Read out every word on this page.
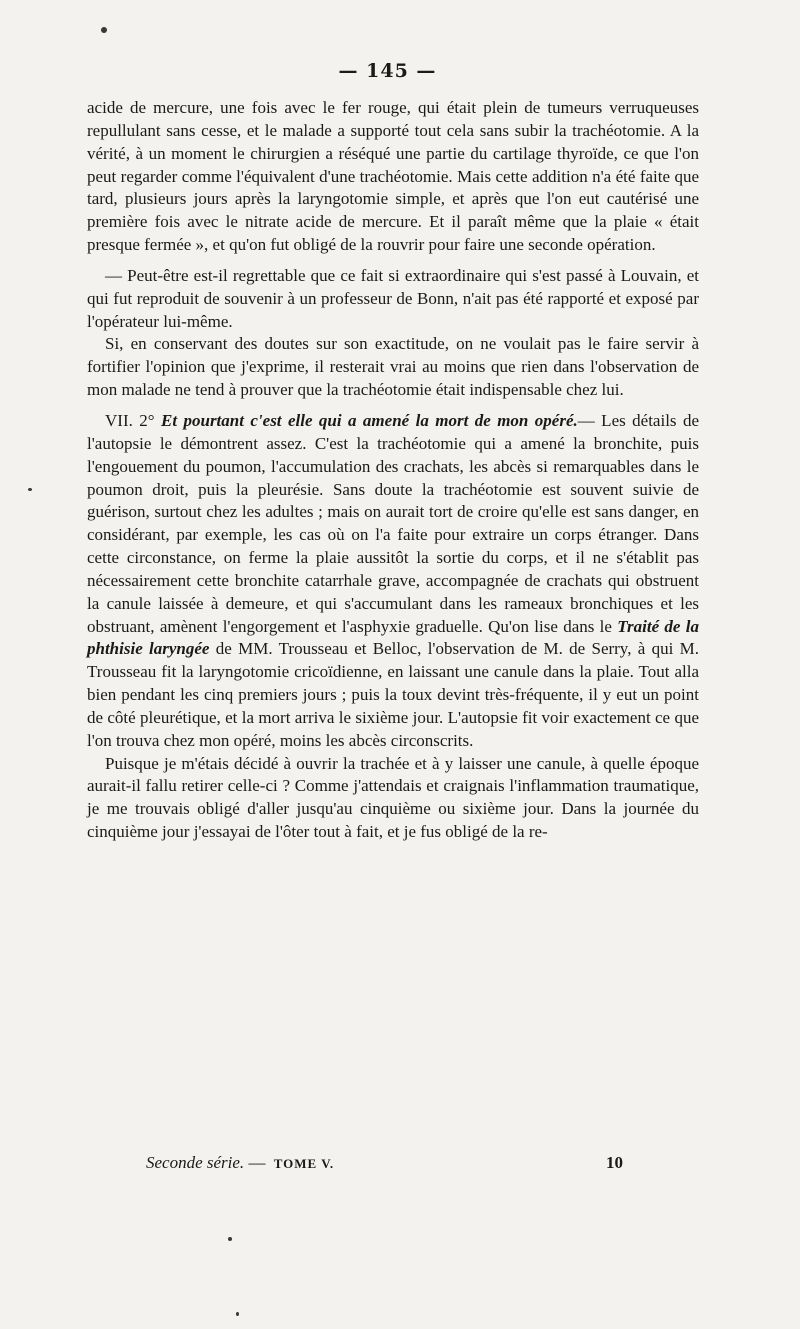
— 145 —

acide de mercure, une fois avec le fer rouge, qui était plein de tumeurs verruqueuses repullulant sans cesse, et le malade a supporté tout cela sans subir la trachéotomie. A la vérité, à un moment le chirurgien a réséqué une partie du cartilage thyroïde, ce que l'on peut regarder comme l'équivalent d'une trachéotomie. Mais cette addition n'a été faite que tard, plusieurs jours après la laryngotomie simple, et après que l'on eut cautérisé une première fois avec le nitrate acide de mercure. Et il paraît même que la plaie « était presque fermée », et qu'on fut obligé de la rouvrir pour faire une seconde opération.

— Peut-être est-il regrettable que ce fait si extraordinaire qui s'est passé à Louvain, et qui fut reproduit de souvenir à un professeur de Bonn, n'ait pas été rapporté et exposé par l'opérateur lui-même.

Si, en conservant des doutes sur son exactitude, on ne voulait pas le faire servir à fortifier l'opinion que j'exprime, il resterait vrai au moins que rien dans l'observation de mon malade ne tend à prouver que la trachéotomie était indispensable chez lui.

VII. 2° Et pourtant c'est elle qui a amené la mort de mon opéré.— Les détails de l'autopsie le démontrent assez. C'est la trachéotomie qui a amené la bronchite, puis l'engouement du poumon, l'accumulation des crachats, les abcès si remarquables dans le poumon droit, puis la pleurésie. Sans doute la trachéotomie est souvent suivie de guérison, surtout chez les adultes ; mais on aurait tort de croire qu'elle est sans danger, en considérant, par exemple, les cas où on l'a faite pour extraire un corps étranger. Dans cette circonstance, on ferme la plaie aussitôt la sortie du corps, et il ne s'établit pas nécessairement cette bronchite catarrhale grave, accompagnée de crachats qui obstruent la canule laissée à demeure, et qui s'accumulant dans les rameaux bronchiques et les obstruant, amènent l'engorgement et l'asphyxie graduelle. Qu'on lise dans le Traité de la phthisie laryngée de MM. Trousseau et Belloc, l'observation de M. de Serry, à qui M. Trousseau fit la laryngotomie cricoïdienne, en laissant une canule dans la plaie. Tout alla bien pendant les cinq premiers jours ; puis la toux devint très-fréquente, il y eut un point de côté pleurétique, et la mort arriva le sixième jour. L'autopsie fit voir exactement ce que l'on trouva chez mon opéré, moins les abcès circonscrits.

Puisque je m'étais décidé à ouvrir la trachée et à y laisser une canule, à quelle époque aurait-il fallu retirer celle-ci ? Comme j'attendais et craignais l'inflammation traumatique, je me trouvais obligé d'aller jusqu'au cinquième ou sixième jour. Dans la journée du cinquième jour j'essayai de l'ôter tout à fait, et je fus obligé de la re-

Seconde série. — TOME V.	10
